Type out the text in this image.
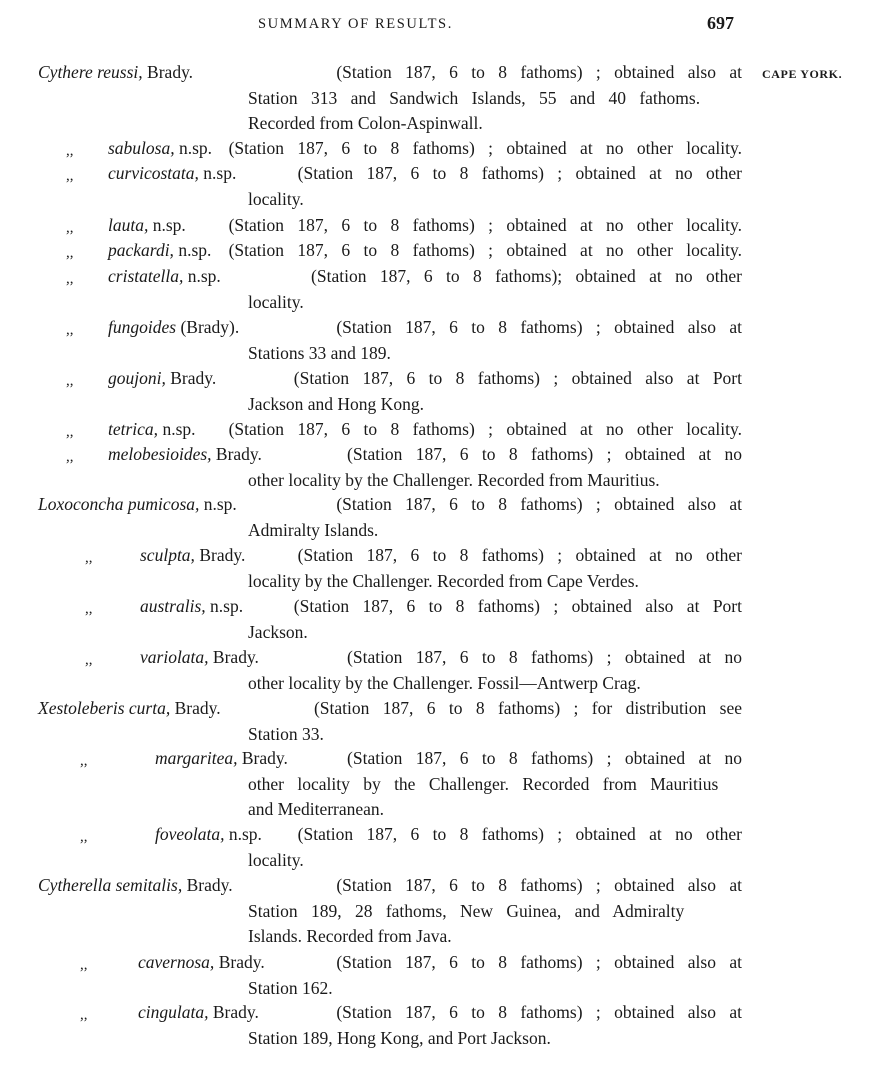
SUMMARY OF RESULTS.	697
CAPE YORK.
Cythere reussi, Brady.	(Station 187, 6 to 8 fathoms) ; obtained also at
Station 313 and Sandwich Islands, 55 and 40 fathoms.
Recorded from Colon-Aspinwall.
,, sabulosa, n.sp. (Station 187, 6 to 8 fathoms) ; obtained at no other locality.
,, curvicostata, n.sp.	(Station 187, 6 to 8 fathoms) ; obtained at no other
locality.
,, lauta, n.sp. (Station 187, 6 to 8 fathoms) ; obtained at no other locality.
,, packardi, n.sp. (Station 187, 6 to 8 fathoms) ; obtained at no other locality.
,, cristatella, n.sp.	(Station 187, 6 to 8 fathoms); obtained at no other
locality.
,, fungoides (Brady).	(Station 187, 6 to 8 fathoms) ; obtained also at
Stations 33 and 189.
,, goujoni, Brady.	(Station 187, 6 to 8 fathoms) ; obtained also at Port
Jackson and Hong Kong.
,, tetrica, n.sp. (Station 187, 6 to 8 fathoms) ; obtained at no other locality.
,, melobesioides, Brady.	(Station 187, 6 to 8 fathoms) ; obtained at no
other locality by the Challenger. Recorded from Mauritius.
Loxoconcha pumicosa, n.sp.	(Station 187, 6 to 8 fathoms) ; obtained also at
Admiralty Islands.
,,	sculpta, Brady.	(Station 187, 6 to 8 fathoms) ; obtained at no other
locality by the Challenger. Recorded from Cape Verdes.
,,	australis, n.sp.	(Station 187, 6 to 8 fathoms) ; obtained also at Port
Jackson.
,,	variolata, Brady.	(Station 187, 6 to 8 fathoms) ; obtained at no
other locality by the Challenger. Fossil—Antwerp Crag.
Xestoleberis curta, Brady.	(Station 187, 6 to 8 fathoms) ; for distribution see
Station 33.
,,	margaritea, Brady.	(Station 187, 6 to 8 fathoms) ; obtained at no
other locality by the Challenger. Recorded from Mauritius
and Mediterranean.
,,	foveolata, n.sp. (Station 187, 6 to 8 fathoms) ; obtained at no other
locality.
Cytherella semitalis, Brady.	(Station 187, 6 to 8 fathoms) ; obtained also at
Station 189, 28 fathoms, New Guinea, and Admiralty
Islands. Recorded from Java.
,,	cavernosa, Brady.	(Station 187, 6 to 8 fathoms) ; obtained also at
Station 162.
,,	cingulata, Brady.	(Station 187, 6 to 8 fathoms) ; obtained also at
Station 189, Hong Kong, and Port Jackson.
